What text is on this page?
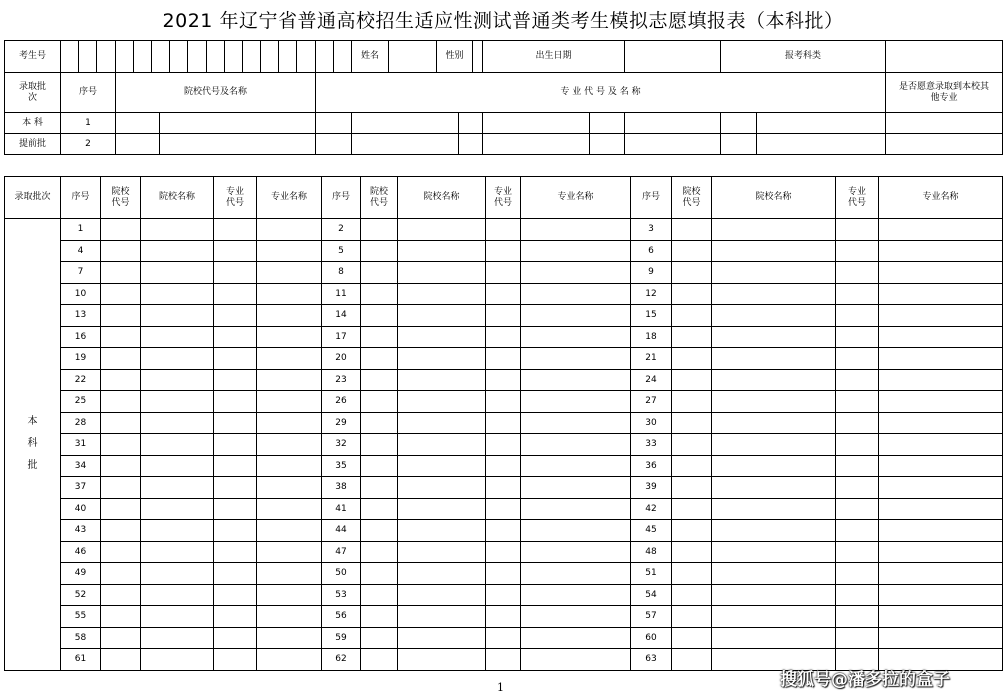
2021 年辽宁省普通高校招生适应性测试普通类考生模拟志愿填报表（本科批）
考生号					姓名 性别		出生日期			报考科类		

录取批次	序号	院校代号及名称		专 业 代 号 及 名 称								是否愿意录取到本校其他专业	
本 科	1												
提前批	2												
录取批次	序号	院校代号	院校名称	专业代号	专业名称	序号	院校代号	院校名称	专业代号	专业名称	序号	院校代号	院校名称	专业代号	专业名称
本
科
批	1					2					3				
	4					5					6				
	7					8					9				
	10					11					12				
	13					14					15				
	16					17					18				
	19					20					21				
	22					23					24				
	25					26					27				
	28					29					30				
	31					32					33				
	34					35					36				
	37					38					39				
	40					41					42				
	43					44					45				
	46					47					48				
	49					50					51				
	52					53					54				
	55					56					57				
	58					59					60				
	61					62					63				
1	搜狐号@潘多拉的盒子
